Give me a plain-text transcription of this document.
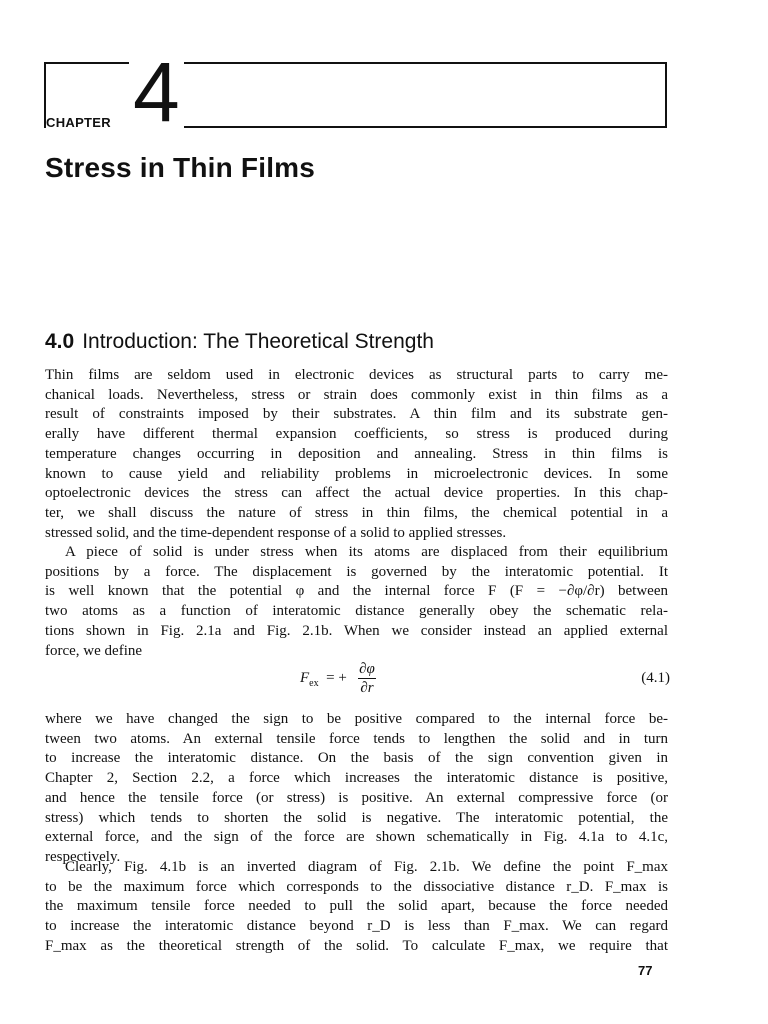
CHAPTER 4
Stress in Thin Films
4.0 Introduction: The Theoretical Strength
Thin films are seldom used in electronic devices as structural parts to carry me-
chanical loads. Nevertheless, stress or strain does commonly exist in thin films as a
result of constraints imposed by their substrates. A thin film and its substrate gen-
erally have different thermal expansion coefficients, so stress is produced during
temperature changes occurring in deposition and annealing. Stress in thin films is
known to cause yield and reliability problems in microelectronic devices. In some
optoelectronic devices the stress can affect the actual device properties. In this chap-
ter, we shall discuss the nature of stress in thin films, the chemical potential in a
stressed solid, and the time-dependent response of a solid to applied stresses.
A piece of solid is under stress when its atoms are displaced from their equilibrium
positions by a force. The displacement is governed by the interatomic potential. It
is well known that the potential φ and the internal force F (F = −∂φ/∂r) between
two atoms as a function of interatomic distance generally obey the schematic rela-
tions shown in Fig. 2.1a and Fig. 2.1b. When we consider instead an applied external
force, we define
$F_{ex}$ = +
∂φ
∂r
(4.1)
where we have changed the sign to be positive compared to the internal force be-
tween two atoms. An external tensile force tends to lengthen the solid and in turn
to increase the interatomic distance. On the basis of the sign convention given in
Chapter 2, Section 2.2, a force which increases the interatomic distance is positive,
and hence the tensile force (or stress) is positive. An external compressive force (or
stress) which tends to shorten the solid is negative. The interatomic potential, the
external force, and the sign of the force are shown schematically in Fig. 4.1a to 4.1c,
respectively.
Clearly, Fig. 4.1b is an inverted diagram of Fig. 2.1b. We define the point F_max
to be the maximum force which corresponds to the dissociative distance r_D. F_max is
the maximum tensile force needed to pull the solid apart, because the force needed
to increase the interatomic distance beyond r_D is less than F_max. We can regard
F_max as the theoretical strength of the solid. To calculate F_max, we require that
77
